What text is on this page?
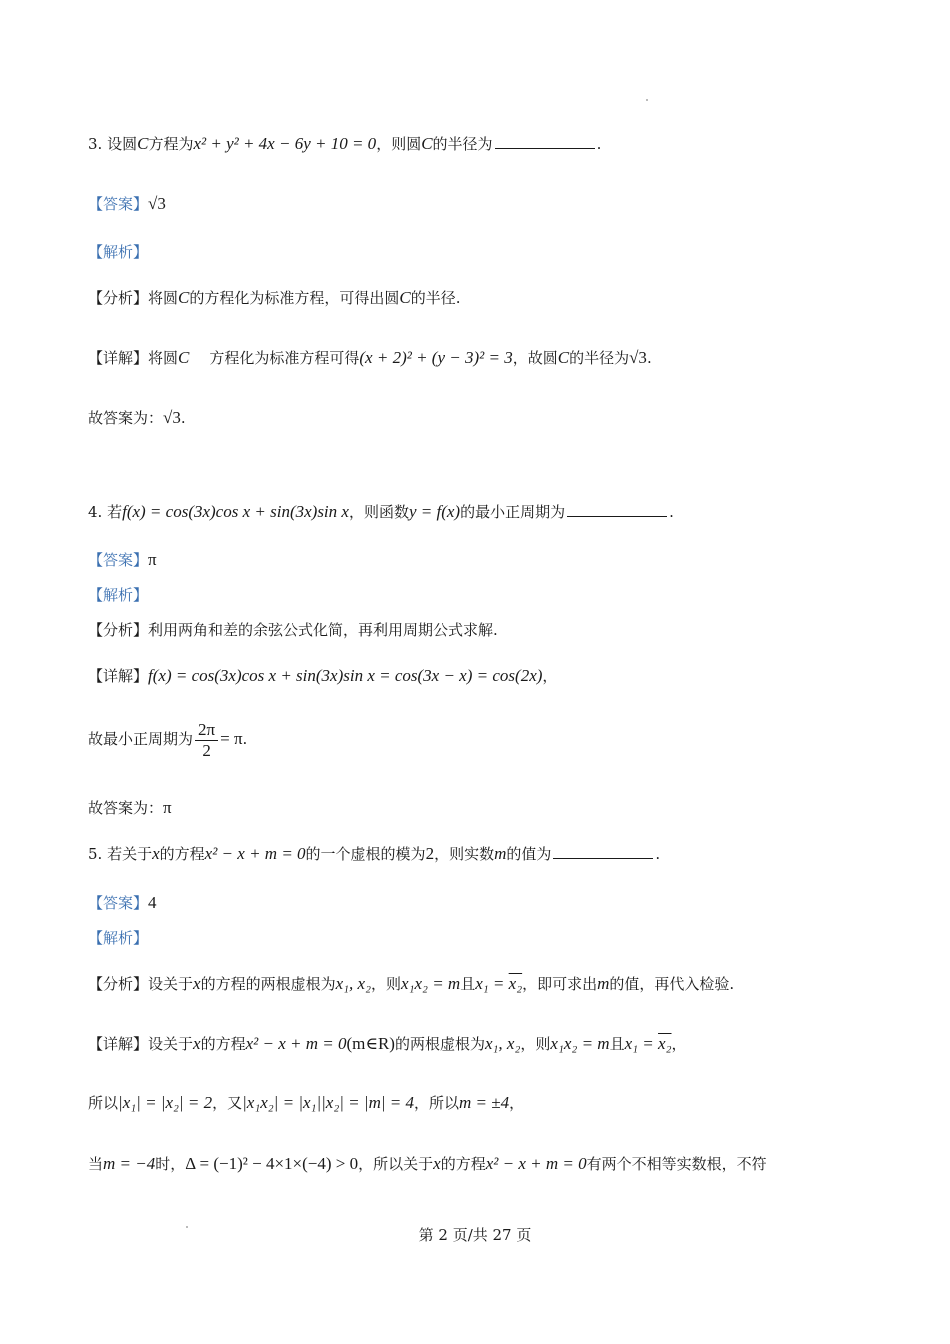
3. 设圆C方程为x² + y² + 4x − 6y + 10 = 0，则圆C的半径为	.
【答案】√3
【解析】
【分析】将圆C的方程化为标准方程，可得出圆C的半径.
【详解】将圆C 方程化为标准方程可得(x + 2)² + (y − 3)² = 3，故圆C的半径为√3.
故答案为：√3.
4. 若f(x) = cos(3x)cos x + sin(3x)sin x，则函数y = f(x)的最小正周期为	.
【答案】π
【解析】
【分析】利用两角和差的余弦公式化简，再利用周期公式求解.
【详解】f(x) = cos(3x)cos x + sin(3x)sin x = cos(3x − x) = cos(2x)，
故最小正周期为 $\frac{2\pi}{2} = \pi$.
故答案为：π
5. 若关于x的方程x² − x + m = 0的一个虚根的模为2，则实数m的值为	.
【答案】4
【解析】
【分析】设关于x的方程的两根虚根为x₁, x₂，则x₁x₂ = m且x₁ = x₂，即可求出m的值，再代入检验.
【详解】设关于x的方程x² − x + m = 0(m∈R)的两根虚根为x₁, x₂，则x₁x₂ = m且x₁ = x₂，
所以|x₁| = |x₂| = 2，又|x₁x₂| = |x₁||x₂| = |m| = 4，所以m = ±4，
当m = −4时，Δ = (−1)² − 4×1×(−4) > 0，所以关于x的方程x² − x + m = 0有两个不相等实数根，不符
第 2 页/共 27 页
